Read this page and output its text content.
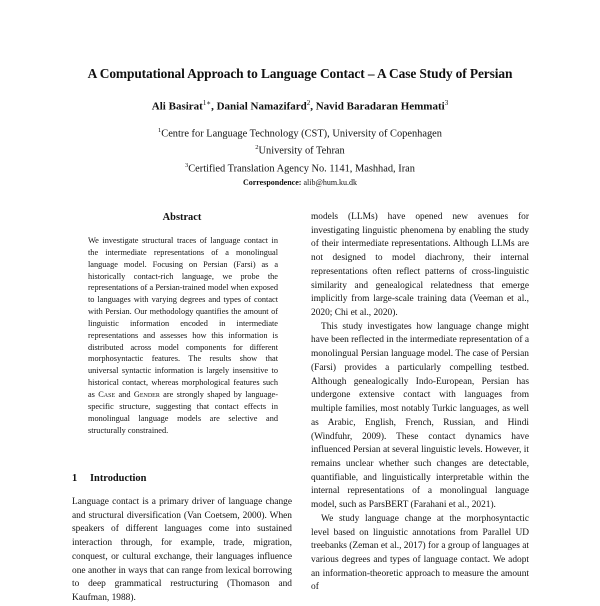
A Computational Approach to Language Contact – A Case Study of Persian
Ali Basirat$^{1∗}$, Danial Namazifard$^2$, Navid Baradaran Hemmati$^3$
$^1$Centre for Language Technology (CST), University of Copenhagen
$^2$University of Tehran
$^3$Certified Translation Agency No. 1141, Mashhad, Iran
Correspondence: alib@hum.ku.dk
Abstract
We investigate structural traces of language contact in the intermediate representations of a monolingual language model. Focusing on Persian (Farsi) as a historically contact-rich language, we probe the representations of a Persian-trained model when exposed to languages with varying degrees and types of contact with Persian. Our methodology quantifies the amount of linguistic information encoded in intermediate representations and assesses how this information is distributed across model components for different morphosyntactic features. The results show that universal syntactic information is largely insensitive to historical contact, whereas morphological features such as Case and Gender are strongly shaped by language-specific structure, suggesting that contact effects in monolingual language models are selective and structurally constrained.
1 Introduction

Language contact is a primary driver of language change and structural diversification (Van Coetsem, 2000). When speakers of different languages come into sustained interaction through, for example, trade, migration, conquest, or cultural exchange, their languages influence one another in ways that can range from lexical borrowing to deep grammatical restructuring (Thomason and Kaufman, 1988).

models (LLMs) have opened new avenues for investigating linguistic phenomena by enabling the study of their intermediate representations. Although LLMs are not designed to model diachrony, their internal representations often reflect patterns of cross-linguistic similarity and genealogical relatedness that emerge implicitly from large-scale training data (Veeman et al., 2020; Chi et al., 2020).

This study investigates how language change might have been reflected in the intermediate representation of a monolingual Persian language model. The case of Persian (Farsi) provides a particularly compelling testbed. Although genealogically Indo-European, Persian has undergone extensive contact with languages from multiple families, most notably Turkic languages, as well as Arabic, English, French, Russian, and Hindi (Windfuhr, 2009). These contact dynamics have influenced Persian at several linguistic levels. However, it remains unclear whether such changes are detectable, quantifiable, and linguistically interpretable within the internal representations of a monolingual language model, such as ParsBERT (Farahani et al., 2021).

We study language change at the morphosyntactic level based on linguistic annotations from Parallel UD treebanks (Zeman et al., 2017) for a group of languages at various degrees and types of language contact. We adopt an information-theoretic approach to measure the amount of
